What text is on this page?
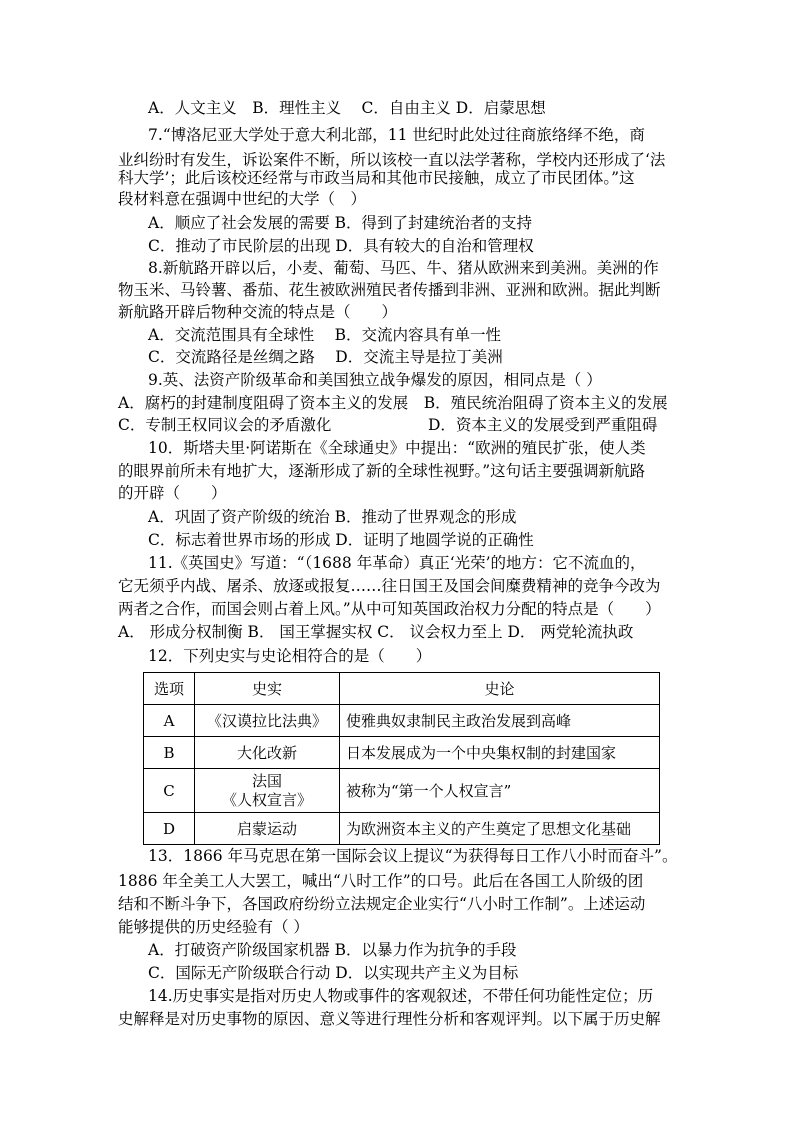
A．人文主义　B．理性主义　 C．自由主义 D．启蒙思想
7.“博洛尼亚大学处于意大利北部，11 世纪时此处过往商旅络绎不绝，商
业纠纷时有发生，诉讼案件不断，所以该校一直以法学著称，学校内还形成了‘法
科大学’；此后该校还经常与市政当局和其他市民接触，成立了市民团体。”这
段材料意在强调中世纪的大学（　）
A．顺应了社会发展的需要 B．得到了封建统治者的支持
C．推动了市民阶层的出现 D．具有较大的自治和管理权
8.新航路开辟以后，小麦、葡萄、马匹、牛、猪从欧洲来到美洲。美洲的作
物玉米、马铃薯、番茄、花生被欧洲殖民者传播到非洲、亚洲和欧洲。据此判断
新航路开辟后物种交流的特点是（　　）
A．交流范围具有全球性　 B．交流内容具有单一性
C．交流路径是丝绸之路　 D．交流主导是拉丁美洲
9.英、法资产阶级革命和美国独立战争爆发的原因，相同点是（ ）
A．腐朽的封建制度阻碍了资本主义的发展　B．殖民统治阻碍了资本主义的发展
C．专制王权同议会的矛盾激化	D．资本主义的发展受到严重阻碍
10．斯塔夫里·阿诺斯在《全球通史》中提出：“欧洲的殖民扩张，使人类
的眼界前所未有地扩大，逐渐形成了新的全球性视野。”这句话主要强调新航路
的开辟（　　）
A．巩固了资产阶级的统治 B．推动了世界观念的形成
C．标志着世界市场的形成 D．证明了地圆学说的正确性
11.《英国史》写道：“（1688 年革命）真正‘光荣’的地方：它不流血的，
它无须乎内战、屠杀、放逐或报复……往日国王及国会间糜费精神的竞争今改为
两者之合作，而国会则占着上风。”从中可知英国政治权力分配的特点是（　　）
A． 形成分权制衡 B． 国王掌握实权 C． 议会权力至上 D． 两党轮流执政
12．下列史实与史论相符合的是（　　）
选项	史实	史论
A	《汉谟拉比法典》	使雅典奴隶制民主政治发展到高峰
B	大化改新	日本发展成为一个中央集权制的封建国家
C	法国
《人权宣言》	被称为“第一个人权宣言”
D	启蒙运动	为欧洲资本主义的产生奠定了思想文化基础
13．1866 年马克思在第一国际会议上提议“为获得每日工作八小时而奋斗”。
1886 年全美工人大罢工，喊出“八时工作”的口号。此后在各国工人阶级的团
结和不断斗争下，各国政府纷纷立法规定企业实行“八小时工作制”。上述运动
能够提供的历史经验有（ ）
A．打破资产阶级国家机器 B．以暴力作为抗争的手段
C．国际无产阶级联合行动 D．以实现共产主义为目标
14.历史事实是指对历史人物或事件的客观叙述，不带任何功能性定位；历
史解释是对历史事物的原因、意义等进行理性分析和客观评判。以下属于历史解
